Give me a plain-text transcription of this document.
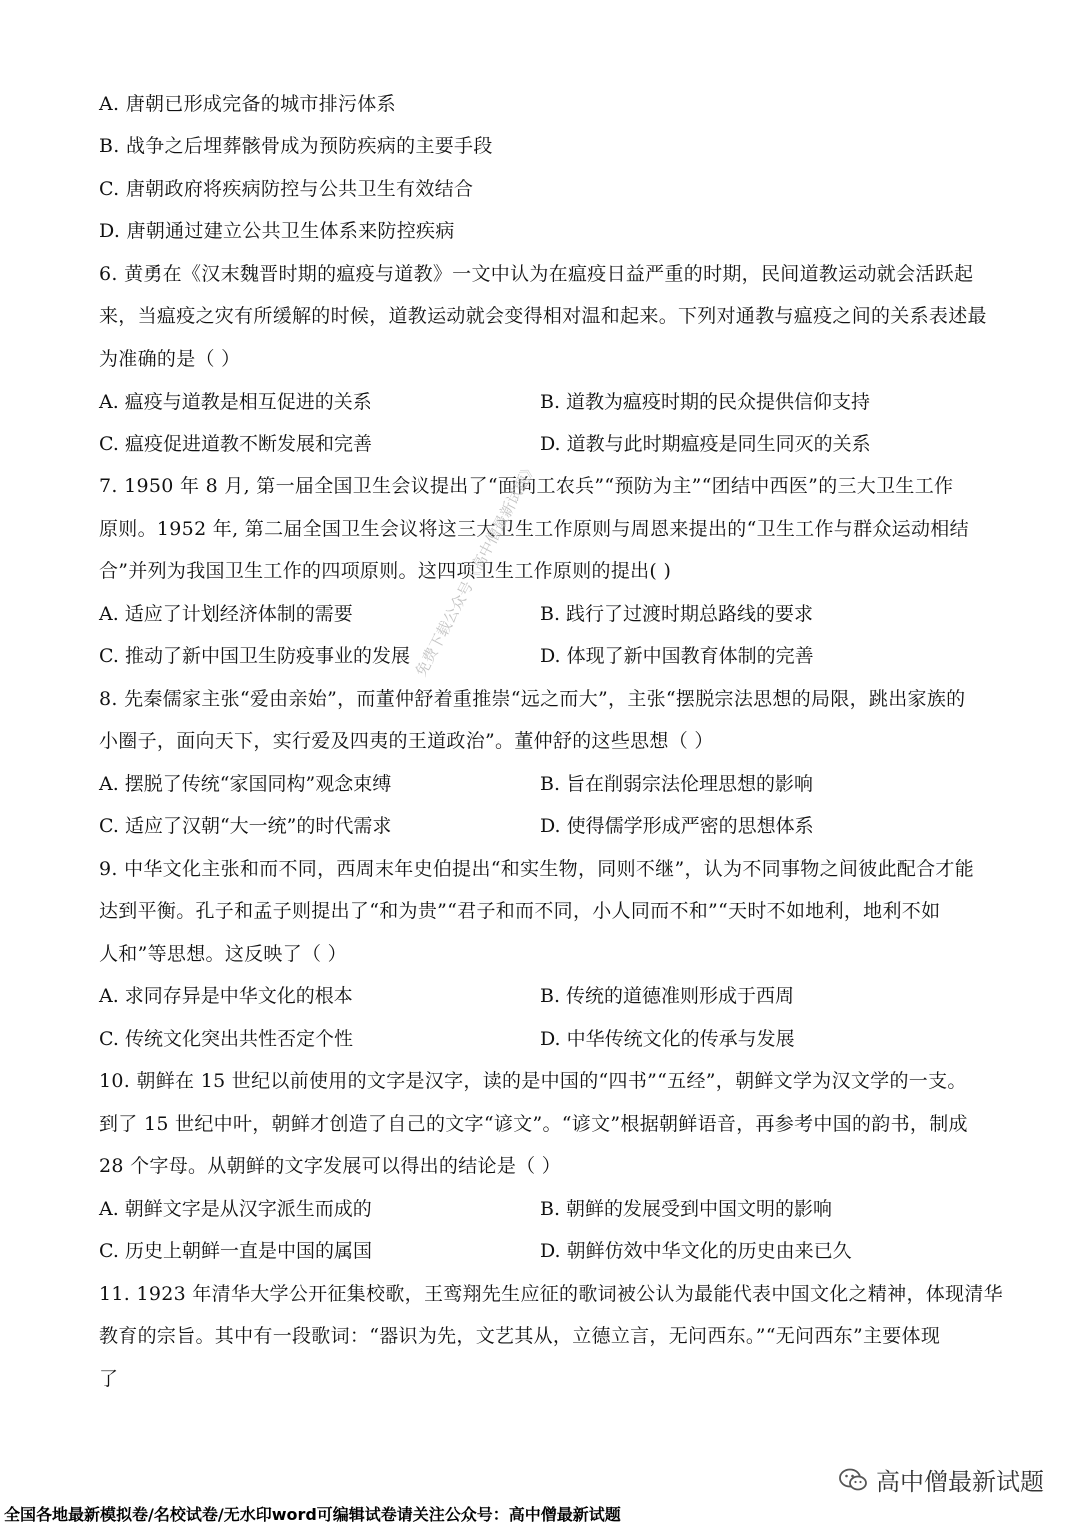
A. 唐朝已形成完备的城市排污体系
B. 战争之后埋葬骸骨成为预防疾病的主要手段
C. 唐朝政府将疾病防控与公共卫生有效结合
D. 唐朝通过建立公共卫生体系来防控疾病
6. 黄勇在《汉末魏晋时期的瘟疫与道教》一文中认为在瘟疫日益严重的时期，民间道教运动就会活跃起
来，当瘟疫之灾有所缓解的时候，道教运动就会变得相对温和起来。下列对通教与瘟疫之间的关系表述最
为准确的是（ ）
A. 瘟疫与道教是相互促进的关系	B. 道教为瘟疫时期的民众提供信仰支持
C. 瘟疫促进道教不断发展和完善	D. 道教与此时期瘟疫是同生同灭的关系
7. 1950 年 8 月, 第一届全国卫生会议提出了“面向工农兵”“预防为主”“团结中西医”的三大卫生工作
原则。1952 年, 第二届全国卫生会议将这三大卫生工作原则与周恩来提出的“卫生工作与群众运动相结
合”并列为我国卫生工作的四项原则。这四项卫生工作原则的提出( )
A. 适应了计划经济体制的需要	B. 践行了过渡时期总路线的要求
C. 推动了新中国卫生防疫事业的发展	D. 体现了新中国教育体制的完善
8. 先秦儒家主张“爱由亲始”，而董仲舒着重推崇“远之而大”，主张“摆脱宗法思想的局限，跳出家族的
小圈子，面向天下，实行爱及四夷的王道政治”。董仲舒的这些思想（ ）
A. 摆脱了传统“家国同构”观念束缚	B. 旨在削弱宗法伦理思想的影响
C. 适应了汉朝“大一统”的时代需求	D. 使得儒学形成严密的思想体系
9. 中华文化主张和而不同，西周末年史伯提出“和实生物，同则不继”，认为不同事物之间彼此配合才能
达到平衡。孔子和孟子则提出了“和为贵”“君子和而不同，小人同而不和”“天时不如地利，地利不如
人和”等思想。这反映了（ ）
A. 求同存异是中华文化的根本	B. 传统的道德准则形成于西周
C. 传统文化突出共性否定个性	D. 中华传统文化的传承与发展
10. 朝鲜在 15 世纪以前使用的文字是汉字，读的是中国的“四书”“五经”，朝鲜文学为汉文学的一支。
到了 15 世纪中叶，朝鲜才创造了自己的文字“谚文”。“谚文”根据朝鲜语音，再参考中国的韵书，制成
28 个字母。从朝鲜的文字发展可以得出的结论是（ ）
A. 朝鲜文字是从汉字派生而成的	B. 朝鲜的发展受到中国文明的影响
C. 历史上朝鲜一直是中国的属国	D. 朝鲜仿效中华文化的历史由来已久
11. 1923 年清华大学公开征集校歌，王鸾翔先生应征的歌词被公认为最能代表中国文化之精神，体现清华
教育的宗旨。其中有一段歌词：“器识为先，文艺其从，立德立言，无问西东。”“无问西东”主要体现
了
免费下载公众号《高中僧最新试题》
高中僧最新试题
全国各地最新模拟卷/名校试卷/无水印word可编辑试卷请关注公众号：高中僧最新试题
